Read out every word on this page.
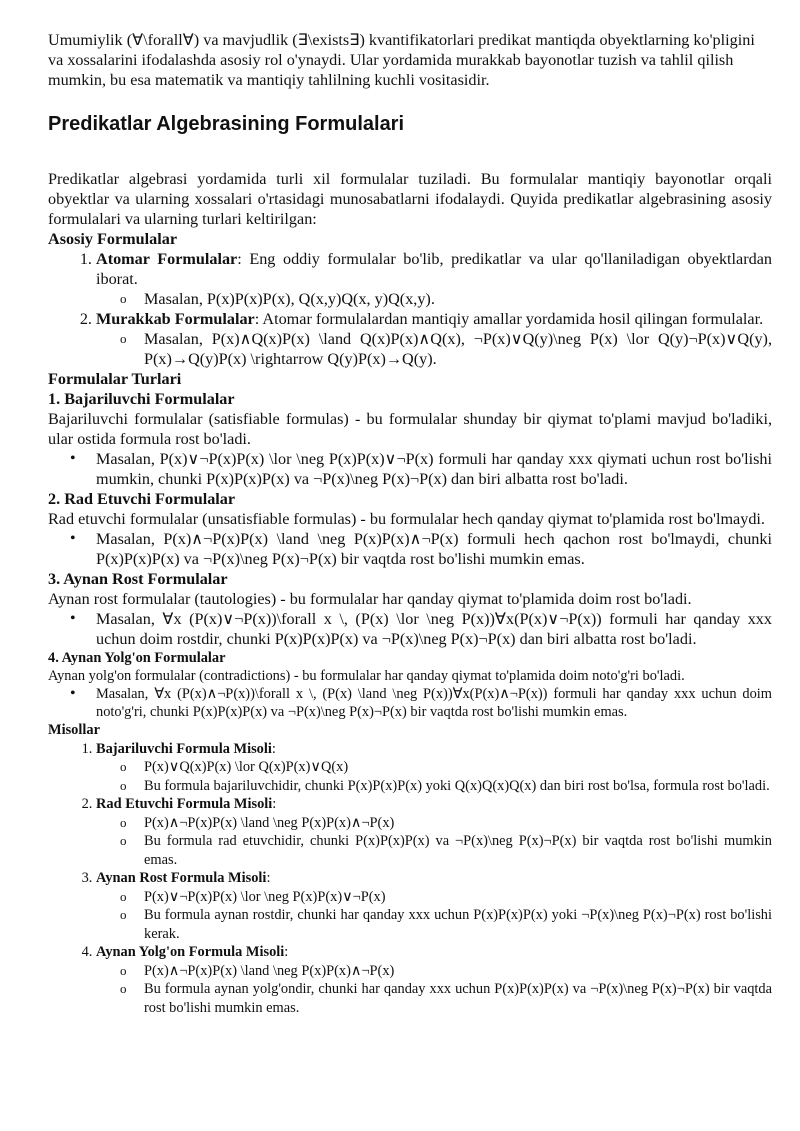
Umumiylik (∀\forall∀) va mavjudlik (∃\exists∃) kvantifikatorlari predikat mantiqda obyektlarning ko'pligini va xossalarini ifodalashda asosiy rol o'ynaydi. Ular yordamida murakkab bayonotlar tuzish va tahlil qilish mumkin, bu esa matematik va mantiqiy tahlilning kuchli vositasidir.

Predikatlar Algebrasining Formulalari

Predikatlar algebrasi yordamida turli xil formulalar tuziladi. Bu formulalar mantiqiy bayonotlar orqali obyektlar va ularning xossalari o'rtasidagi munosabatlarni ifodalaydi. Quyida predikatlar algebrasining asosiy formulalari va ularning turlari keltirilgan:

Asosiy Formulalar
1. Atomar Formulalar: Eng oddiy formulalar bo'lib, predikatlar va ular qo'llaniladigan obyektlardan iborat.
o Masalan, P(x)P(x)P(x), Q(x,y)Q(x, y)Q(x,y).
2. Murakkab Formulalar: Atomar formulalardan mantiqiy amallar yordamida hosil qilingan formulalar.
o Masalan, P(x)∧Q(x)P(x) \land Q(x)P(x)∧Q(x), ¬P(x)∨Q(y)\neg P(x) \lor Q(y)¬P(x)∨Q(y), P(x)→Q(y)P(x) \rightarrow Q(y)P(x)→Q(y).
Formulalar Turlari
1. Bajariluvchi Formulalar

Bajariluvchi formulalar (satisfiable formulas) - bu formulalar shunday bir qiymat to'plami mavjud bo'ladiki, ular ostida formula rost bo'ladi.

• Masalan, P(x)∨¬P(x)P(x) \lor \neg P(x)P(x)∨¬P(x) formuli har qanday xxx qiymati uchun rost bo'lishi mumkin, chunki P(x)P(x)P(x) va ¬P(x)\neg P(x)¬P(x) dan biri albatta rost bo'ladi.
2. Rad Etuvchi Formulalar

Rad etuvchi formulalar (unsatisfiable formulas) - bu formulalar hech qanday qiymat to'plamida rost bo'lmaydi.

• Masalan, P(x)∧¬P(x)P(x) \land \neg P(x)P(x)∧¬P(x) formuli hech qachon rost bo'lmaydi, chunki P(x)P(x)P(x) va ¬P(x)\neg P(x)¬P(x) bir vaqtda rost bo'lishi mumkin emas.
3. Aynan Rost Formulalar

Aynan rost formulalar (tautologies) - bu formulalar har qanday qiymat to'plamida doim rost bo'ladi.

• Masalan, ∀x (P(x)∨¬P(x))\forall x \, (P(x) \lor \neg P(x))∀x(P(x)∨¬P(x)) formuli har qanday xxx uchun doim rostdir, chunki P(x)P(x)P(x) va ¬P(x)\neg P(x)¬P(x) dan biri albatta rost bo'ladi.
4. Aynan Yolg'on Formulalar

Aynan yolg'on formulalar (contradictions) - bu formulalar har qanday qiymat to'plamida doim noto'g'ri bo'ladi.

• Masalan, ∀x (P(x)∧¬P(x))\forall x \, (P(x) \land \neg P(x))∀x(P(x)∧¬P(x)) formuli har qanday xxx uchun doim noto'g'ri, chunki P(x)P(x)P(x) va ¬P(x)\neg P(x)¬P(x) bir vaqtda rost bo'lishi mumkin emas.
Misollar
1. Bajariluvchi Formula Misoli:
o P(x)∨Q(x)P(x) \lor Q(x)P(x)∨Q(x)
o Bu formula bajariluvchidir, chunki P(x)P(x)P(x) yoki Q(x)Q(x)Q(x) dan biri rost bo'lsa, formula rost bo'ladi.
2. Rad Etuvchi Formula Misoli:
o P(x)∧¬P(x)P(x) \land \neg P(x)P(x)∧¬P(x)
o Bu formula rad etuvchidir, chunki P(x)P(x)P(x) va ¬P(x)\neg P(x)¬P(x) bir vaqtda rost bo'lishi mumkin emas.
3. Aynan Rost Formula Misoli:
o P(x)∨¬P(x)P(x) \lor \neg P(x)P(x)∨¬P(x)
o Bu formula aynan rostdir, chunki har qanday xxx uchun P(x)P(x)P(x) yoki ¬P(x)\neg P(x)¬P(x) rost bo'lishi kerak.
4. Aynan Yolg'on Formula Misoli:
o P(x)∧¬P(x)P(x) \land \neg P(x)P(x)∧¬P(x)
o Bu formula aynan yolg'ondir, chunki har qanday xxx uchun P(x)P(x)P(x) va ¬P(x)\neg P(x)¬P(x) bir vaqtda rost bo'lishi mumkin emas.
